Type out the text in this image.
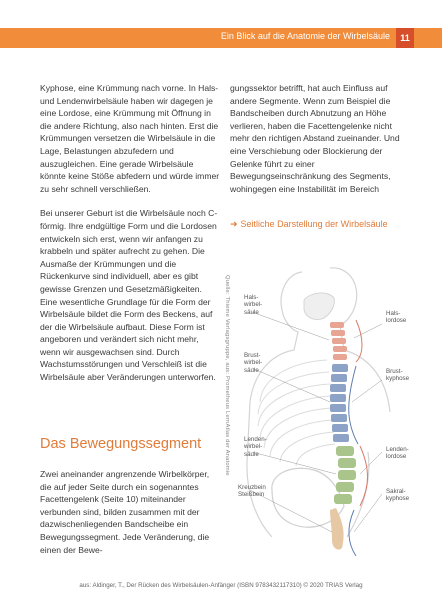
Ein Blick auf die Anatomie der Wirbelsäule	11

Kyphose, eine Krümmung nach vorne. In Hals- und Lendenwirbelsäule haben wir dagegen je eine Lordose, eine Krümmung mit Öffnung in die andere Richtung, also nach hinten. Erst die Krümmungen versetzen die Wirbelsäule in die Lage, Belastungen abzufedern und auszugleichen. Eine gerade Wirbelsäule könnte keine Stöße abfedern und würde immer zu sehr schnell verschließen.

Bei unserer Geburt ist die Wirbelsäule noch C-förmig. Ihre endgültige Form und die Lordosen entwickeln sich erst, wenn wir anfangen zu krabbeln und später aufrecht zu gehen. Die Ausmaße der Krümmungen und die Rückenkurve sind individuell, aber es gibt gewisse Grenzen und Gesetzmäßigkeiten. Eine wesentliche Grundlage für die Form der Wirbelsäule bildet die Form des Beckens, auf der die Wirbelsäule aufbaut. Diese Form ist angeboren und verändert sich nicht mehr, wenn wir ausgewachsen sind. Durch Wachstumsstörungen und Verschleiß ist die Wirbelsäule aber Veränderungen unterworfen.

Das Bewegungssegment
Zwei aneinander angrenzende Wirbelkörper, die auf jeder Seite durch ein sogenanntes Facettengelenk (Seite 10) miteinander verbunden sind, bilden zusammen mit der dazwischenliegenden Bandscheibe ein Bewegungssegment. Jede Veränderung, die einen der Bewe-

gungssektor betrifft, hat auch Einfluss auf andere Segmente. Wenn zum Beispiel die Bandscheiben durch Abnutzung an Höhe verlieren, haben die Facettengelenke nicht mehr den richtigen Abstand zueinander. Und eine Verschiebung oder Blockierung der Gelenke führt zu einer Bewegungseinschränkung des Segments, wohingegen eine Instabilität im Bereich

➜ Seitliche Darstellung der Wirbelsäule
Quelle: Thieme Verlagsgruppe, aus: Prometheus LernAtlas der Anatomie Hals-
wirbel-
säule	Hals-
lordose
Brust-
wirbel-
säule	Brust-
kyphose
Lenden-
wirbel-
säule
Lenden-
lordose
Kreuzbein
Steißbein	Sakral-
kyphose
aus: Aldinger, T., Der Rücken des Wirbelsäulen-Anfänger (ISBN 9783432117310) © 2020 TRIAS Verlag
